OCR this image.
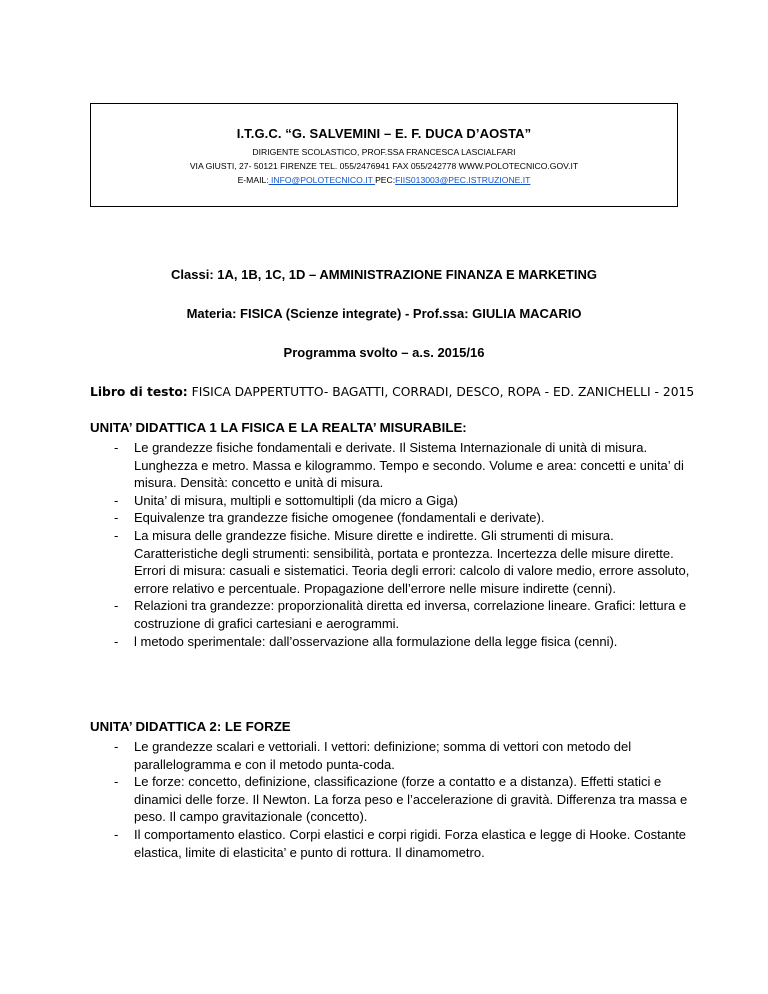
I.T.G.C. “G. SALVEMINI – E. F. DUCA D’AOSTA”
DIRIGENTE SCOLASTICO, PROF.SSA FRANCESCA LASCIALFARI
VIA GIUSTI, 27- 50121 FIRENZE TEL. 055/2476941 FAX 055/242778 WWW.POLOTECNICO.GOV.IT
E-MAIL: INFO@POLOTECNICO.IT PEC:FIIS013003@PEC.ISTRUZIONE.IT
Classi: 1A, 1B, 1C, 1D – AMMINISTRAZIONE FINANZA E MARKETING
Materia: FISICA (Scienze integrate) - Prof.ssa: GIULIA MACARIO
Programma svolto – a.s. 2015/16
Libro di testo: FISICA DAPPERTUTTO- BAGATTI, CORRADI, DESCO, ROPA - ED. ZANICHELLI - 2015
UNITA’ DIDATTICA 1 LA FISICA E LA REALTA’ MISURABILE:
- Le grandezze fisiche fondamentali e derivate. Il Sistema Internazionale di unità di misura. Lunghezza e metro. Massa e kilogrammo. Tempo e secondo. Volume e area: concetti e unita’ di misura. Densità: concetto e unità di misura.
- Unita’ di misura, multipli e sottomultipli (da micro a Giga)
- Equivalenze tra grandezze fisiche omogenee (fondamentali e derivate).
- La misura delle grandezze fisiche. Misure dirette e indirette. Gli strumenti di misura. Caratteristiche degli strumenti: sensibilità, portata e prontezza. Incertezza delle misure dirette. Errori di misura: casuali e sistematici. Teoria degli errori: calcolo di valore medio, errore assoluto, errore relativo e percentuale. Propagazione dell’errore nelle misure indirette (cenni).
- Relazioni tra grandezze: proporzionalità diretta ed inversa, correlazione lineare. Grafici: lettura e costruzione di grafici cartesiani e aerogrammi.
- l metodo sperimentale: dall’osservazione alla formulazione della legge fisica (cenni).
UNITA’ DIDATTICA 2: LE FORZE
- Le grandezze scalari e vettoriali. I vettori: definizione; somma di vettori con metodo del parallelogramma e con il metodo punta-coda.
- Le forze: concetto, definizione, classificazione (forze a contatto e a distanza). Effetti statici e dinamici delle forze. Il Newton. La forza peso e l’accelerazione di gravità. Differenza tra massa e peso. Il campo gravitazionale (concetto).
- Il comportamento elastico. Corpi elastici e corpi rigidi. Forza elastica e legge di Hooke. Costante elastica, limite di elasticita’ e punto di rottura. Il dinamometro.
